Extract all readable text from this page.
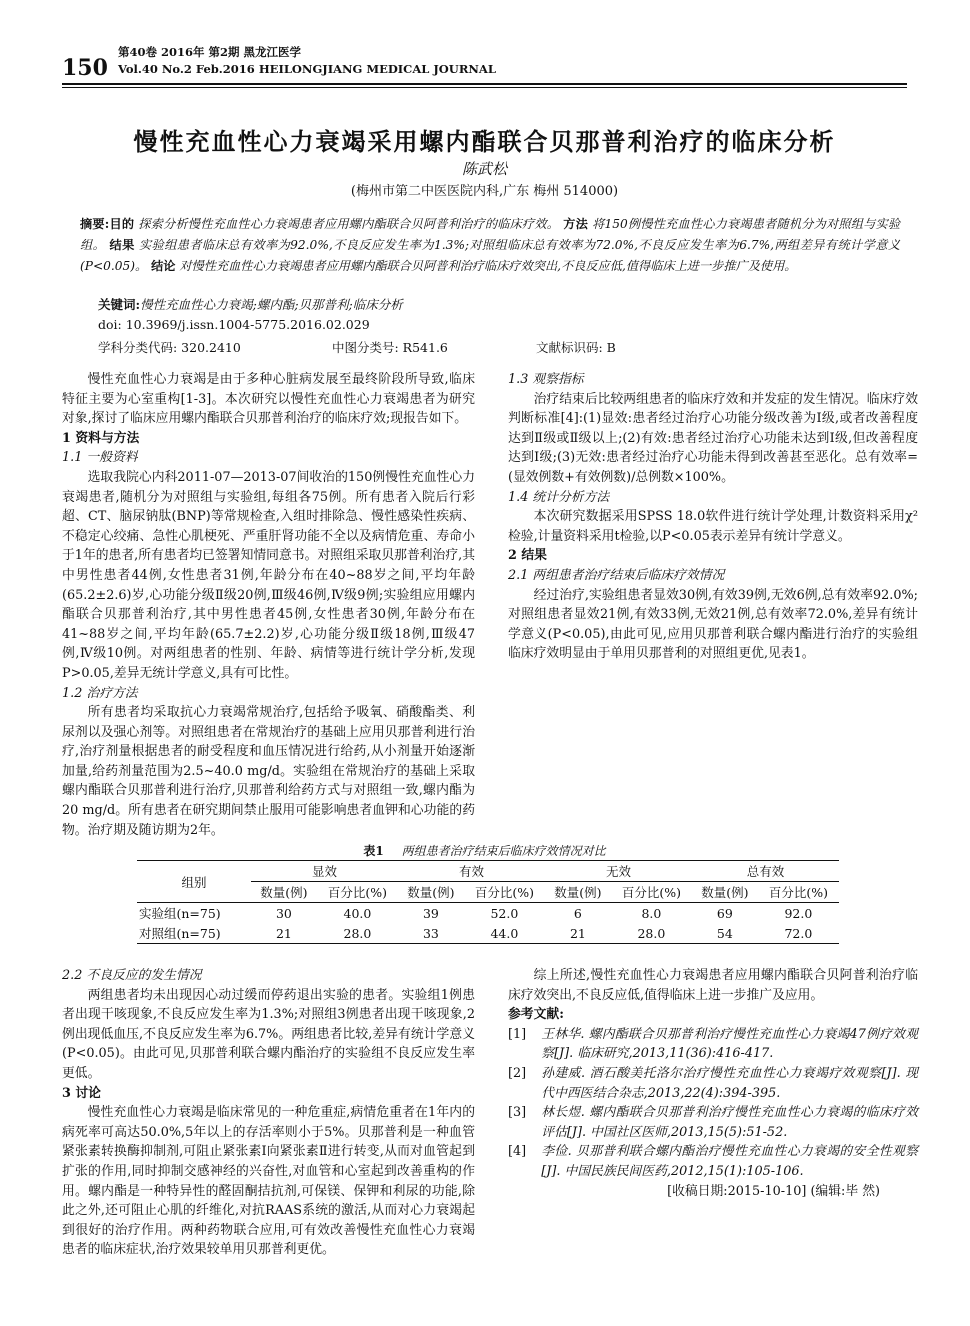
150
第40卷 2016年 第2期 黑龙江医学
Vol.40 No.2 Feb.2016 HEILONGJIANG MEDICAL JOURNAL
慢性充血性心力衰竭采用螺内酯联合贝那普利治疗的临床分析
陈武松
(梅州市第二中医医院内科,广东 梅州 514000)
摘要:目的 探索分析慢性充血性心力衰竭患者应用螺内酯联合贝阿普利治疗的临床疗效。 方法 将150例慢性充血性心力衰竭患者随机分为对照组与实验组。 结果 实验组患者临床总有效率为92.0%,不良反应发生率为1.3%;对照组临床总有效率为72.0%,不良反应发生率为6.7%,两组差异有统计学意义(P<0.05)。 结论 对慢性充血性心力衰竭患者应用螺内酯联合贝阿普利治疗临床疗效突出,不良反应低,值得临床上进一步推广及使用。
关键词:慢性充血性心力衰竭;螺内酯;贝那普利;临床分析
doi: 10.3969/j.issn.1004-5775.2016.02.029
学科分类代码: 320.2410	中图分类号: R541.6	文献标识码: B

慢性充血性心力衰竭是由于多种心脏病发展至最终阶段所导致,临床特征主要为心室重构[1-3]。本次研究以慢性充血性心力衰竭患者为研究对象,探讨了临床应用螺内酯联合贝那普利治疗的临床疗效;现报告如下。

1 资料与方法

1.1 一般资料

选取我院心内科2011-07—2013-07间收治的150例慢性充血性心力衰竭患者,随机分为对照组与实验组,每组各75例。所有患者入院后行彩超、CT、脑尿钠肽(BNP)等常规检查,入组时排除急、慢性感染性疾病、不稳定心绞痛、急性心肌梗死、严重肝肾功能不全以及病情危重、寿命小于1年的患者,所有患者均已签署知情同意书。对照组采取贝那普利治疗,其中男性患者44例,女性患者31例,年龄分布在40~88岁之间,平均年龄(65.2±2.6)岁,心功能分级Ⅱ级20例,Ⅲ级46例,Ⅳ级9例;实验组应用螺内酯联合贝那普利治疗,其中男性患者45例,女性患者30例,年龄分布在41~88岁之间,平均年龄(65.7±2.2)岁,心功能分级Ⅱ级18例,Ⅲ级47例,Ⅳ级10例。对两组患者的性别、年龄、病情等进行统计学分析,发现P>0.05,差异无统计学意义,具有可比性。

1.2 治疗方法

所有患者均采取抗心力衰竭常规治疗,包括给予吸氧、硝酸酯类、利尿剂以及强心剂等。对照组患者在常规治疗的基础上应用贝那普利进行治疗,治疗剂量根据患者的耐受程度和血压情况进行给药,从小剂量开始逐渐加量,给药剂量范围为2.5~40.0 mg/d。实验组在常规治疗的基础上采取螺内酯联合贝那普利进行治疗,贝那普利给药方式与对照组一致,螺内酯为20 mg/d。所有患者在研究期间禁止服用可能影响患者血钾和心功能的药物。治疗期及随访期为2年。

1.3 观察指标

治疗结束后比较两组患者的临床疗效和并发症的发生情况。临床疗效判断标准[4]:(1)显效:患者经过治疗心功能分级改善为Ⅰ级,或者改善程度达到Ⅱ级或Ⅱ级以上;(2)有效:患者经过治疗心功能未达到Ⅰ级,但改善程度达到Ⅰ级;(3)无效:患者经过治疗心功能未得到改善甚至恶化。总有效率=(显效例数+有效例数)/总例数×100%。

1.4 统计分析方法

本次研究数据采用SPSS 18.0软件进行统计学处理,计数资料采用χ²检验,计量资料采用t检验,以P<0.05表示差异有统计学意义。

2 结果

2.1 两组患者治疗结束后临床疗效情况

经过治疗,实验组患者显效30例,有效39例,无效6例,总有效率92.0%;对照组患者显效21例,有效33例,无效21例,总有效率72.0%,差异有统计学意义(P<0.05),由此可见,应用贝那普利联合螺内酯进行治疗的实验组临床疗效明显由于单用贝那普利的对照组更优,见表1。

表1 两组患者治疗结束后临床疗效情况对比
组别	显效		有效		无效		总有效	
	数量(例)	百分比(%)	数量(例)	百分比(%)	数量(例)	百分比(%)	数量(例)	百分比(%)
实验组(n=75)	30	40.0	39	52.0	6	8.0	69	92.0
对照组(n=75)	21	28.0	33	44.0	21	28.0	54	72.0

2.2 不良反应的发生情况

两组患者均未出现因心动过缓而停药退出实验的患者。实验组1例患者出现干咳现象,不良反应发生率为1.3%;对照组3例患者出现干咳现象,2例出现低血压,不良反应发生率为6.7%。两组患者比较,差异有统计学意义(P<0.05)。由此可见,贝那普利联合螺内酯治疗的实验组不良反应发生率更低。

3 讨论

慢性充血性心力衰竭是临床常见的一种危重症,病情危重者在1年内的病死率可高达50.0%,5年以上的存活率则小于5%。贝那普利是一种血管紧张素转换酶抑制剂,可阻止紧张素Ⅰ向紧张素Ⅱ进行转变,从而对血管起到扩张的作用,同时抑制交感神经的兴奋性,对血管和心室起到改善重构的作用。螺内酯是一种特异性的醛固酮拮抗剂,可保镁、保钾和利尿的功能,除此之外,还可阻止心肌的纤维化,对抗RAAS系统的激活,从而对心力衰竭起到很好的治疗作用。两种药物联合应用,可有效改善慢性充血性心力衰竭患者的临床症状,治疗效果较单用贝那普利更优。

综上所述,慢性充血性心力衰竭患者应用螺内酯联合贝阿普利治疗临床疗效突出,不良反应低,值得临床上进一步推广及应用。

参考文献:

[1] 王林华. 螺内酯联合贝那普利治疗慢性充血性心力衰竭47例疗效观察[J]. 临床研究,2013,11(36):416-417.

[2] 孙建威. 酒石酸美托洛尔治疗慢性充血性心力衰竭疗效观察[J]. 现代中西医结合杂志,2013,22(4):394-395.

[3] 林长煜. 螺内酯联合贝那普利治疗慢性充血性心力衰竭的临床疗效评估[J]. 中国社区医师,2013,15(5):51-52.

[4] 李俭. 贝那普利联合螺内酯治疗慢性充血性心力衰竭的安全性观察[J]. 中国民族民间医药,2012,15(1):105-106.

[收稿日期:2015-10-10] (编辑:毕 然)
